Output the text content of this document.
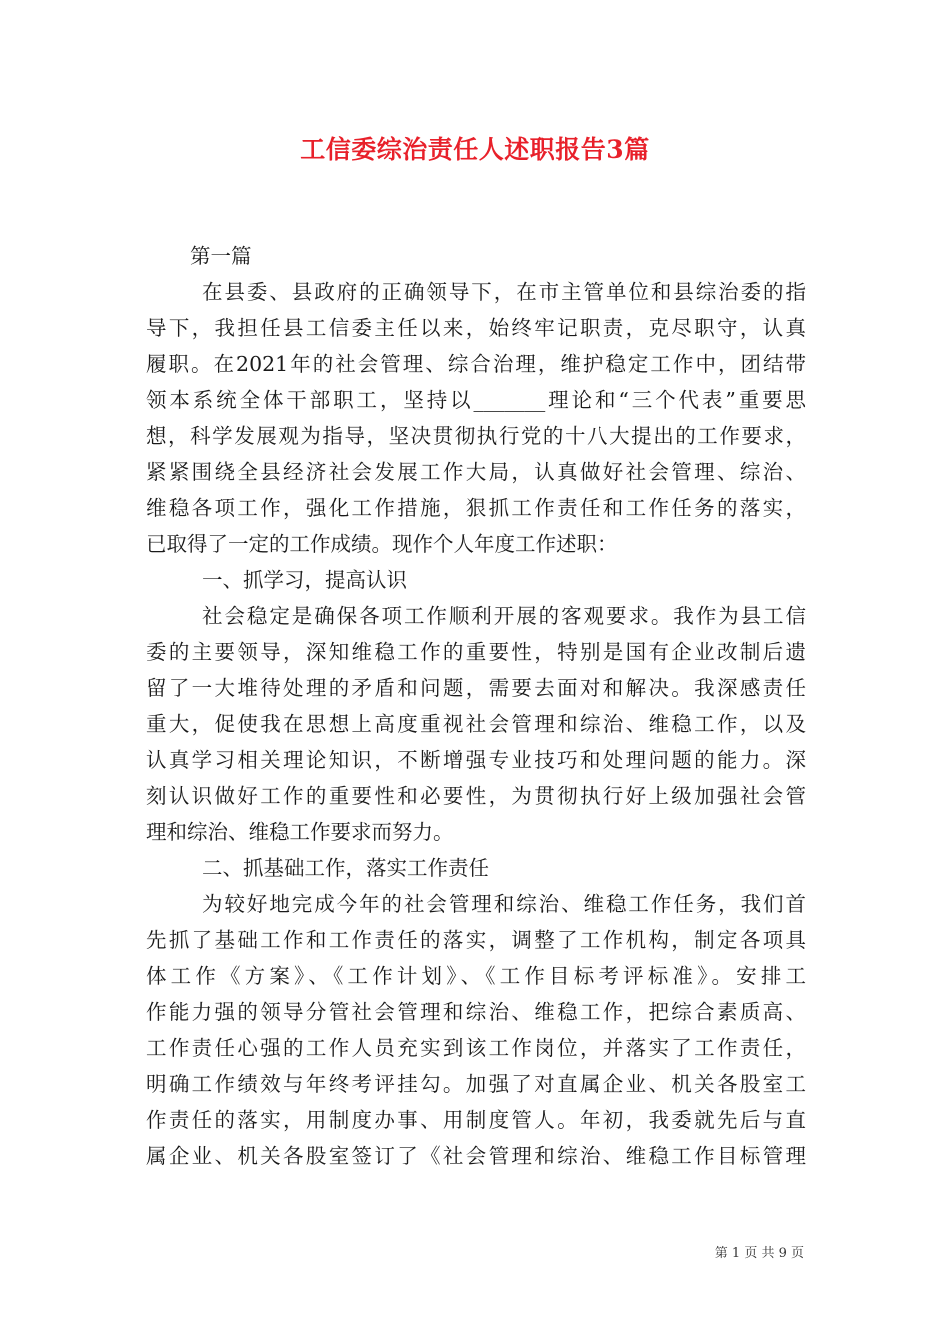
工信委综治责任人述职报告3篇
第一篇
在县委、县政府的正确领导下，在市主管单位和县综治委的指
导下，我担任县工信委主任以来，始终牢记职责，克尽职守，认真
履职。在2021年的社会管理、综合治理，维护稳定工作中，团结带
领本系统全体干部职工，坚持以_______理论和“三个代表”重要思
想，科学发展观为指导，坚决贯彻执行党的十八大提出的工作要求，
紧紧围绕全县经济社会发展工作大局，认真做好社会管理、综治、
维稳各项工作，强化工作措施，狠抓工作责任和工作任务的落实，
已取得了一定的工作成绩。现作个人年度工作述职：
一、抓学习，提高认识
社会稳定是确保各项工作顺利开展的客观要求。我作为县工信
委的主要领导，深知维稳工作的重要性，特别是国有企业改制后遗
留了一大堆待处理的矛盾和问题，需要去面对和解决。我深感责任
重大，促使我在思想上高度重视社会管理和综治、维稳工作，以及
认真学习相关理论知识，不断增强专业技巧和处理问题的能力。深
刻认识做好工作的重要性和必要性，为贯彻执行好上级加强社会管
理和综治、维稳工作要求而努力。
二、抓基础工作，落实工作责任
为较好地完成今年的社会管理和综治、维稳工作任务，我们首
先抓了基础工作和工作责任的落实，调整了工作机构，制定各项具
体工作《方案》、《工作计划》、《工作目标考评标准》。安排工
作能力强的领导分管社会管理和综治、维稳工作，把综合素质高、
工作责任心强的工作人员充实到该工作岗位，并落实了工作责任，
明确工作绩效与年终考评挂勾。加强了对直属企业、机关各股室工
作责任的落实，用制度办事、用制度管人。年初，我委就先后与直
属企业、机关各股室签订了《社会管理和综治、维稳工作目标管理
第 1 页 共 9 页
